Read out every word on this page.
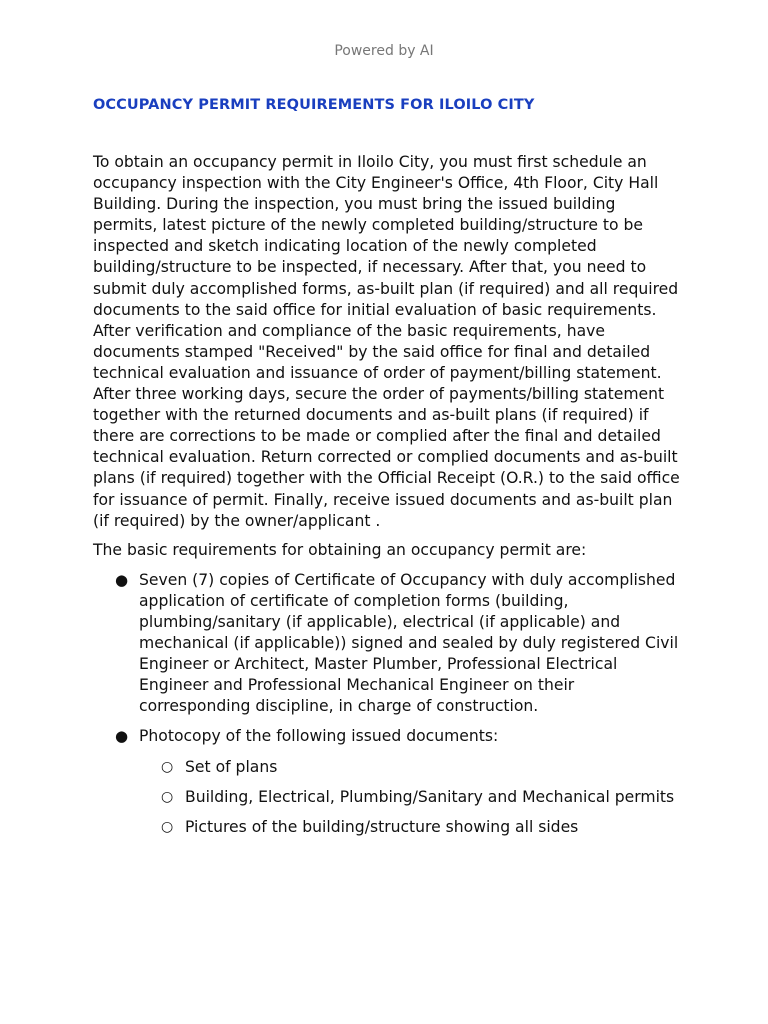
Powered by AI
OCCUPANCY PERMIT REQUIREMENTS FOR ILOILO CITY

To obtain an occupancy permit in Iloilo City, you must first schedule an occupancy inspection with the City Engineer's Office, 4th Floor, City Hall Building. During the inspection, you must bring the issued building permits, latest picture of the newly completed building/structure to be inspected and sketch indicating location of the newly completed building/structure to be inspected, if necessary. After that, you need to submit duly accomplished forms, as-built plan (if required) and all required documents to the said office for initial evaluation of basic requirements. After verification and compliance of the basic requirements, have documents stamped "Received" by the said office for final and detailed technical evaluation and issuance of order of payment/billing statement. After three working days, secure the order of payments/billing statement together with the returned documents and as-built plans (if required) if there are corrections to be made or complied after the final and detailed technical evaluation. Return corrected or complied documents and as-built plans (if required) together with the Official Receipt (O.R.) to the said office for issuance of permit. Finally, receive issued documents and as-built plan (if required) by the owner/applicant .

The basic requirements for obtaining an occupancy permit are:

● Seven (7) copies of Certificate of Occupancy with duly accomplished application of certificate of completion forms (building, plumbing/sanitary (if applicable), electrical (if applicable) and mechanical (if applicable)) signed and sealed by duly registered Civil Engineer or Architect, Master Plumber, Professional Electrical Engineer and Professional Mechanical Engineer on their corresponding discipline, in charge of construction.
● Photocopy of the following issued documents:
○ Set of plans
○ Building, Electrical, Plumbing/Sanitary and Mechanical permits
○ Pictures of the building/structure showing all sides
